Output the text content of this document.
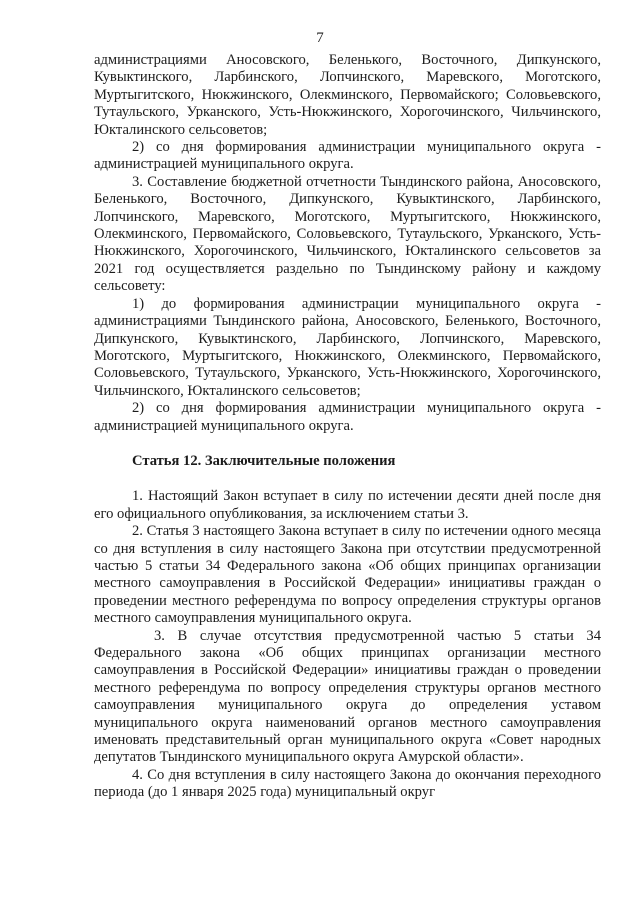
7

администрациями Аносовского, Беленького, Восточного, Дипкунского, Кувыктинского, Ларбинского, Лопчинского, Маревского, Моготского, Муртыгитского, Нюкжинского, Олекминского, Первомайского; Соловьевского, Тутаульского, Урканского, Усть-Нюкжинского, Хорогочинского, Чильчинского, Юкталинского сельсоветов;

2) со дня формирования администрации муниципального округа - администрацией муниципального округа.

3. Составление бюджетной отчетности Тындинского района, Аносовского, Беленького, Восточного, Дипкунского, Кувыктинского, Ларбинского, Лопчинского, Маревского, Моготского, Муртыгитского, Нюкжинского, Олекминского, Первомайского, Соловьевского, Тутаульского, Урканского, Усть- Нюкжинского, Хорогочинского, Чильчинского, Юкталинского сельсоветов за 2021 год осуществляется раздельно по Тындинскому району и каждому сельсовету:

1) до формирования администрации муниципального округа - администрациями Тындинского района, Аносовского, Беленького, Восточного, Дипкунского, Кувыктинского, Ларбинского, Лопчинского, Маревского, Моготского, Муртыгитского, Нюкжинского, Олекминского, Первомайского, Соловьевского, Тутаульского, Урканского, Усть-Нюкжинского, Хорогочинского, Чильчинского, Юкталинского сельсоветов;

2) со дня формирования администрации муниципального округа - администрацией муниципального округа.

Статья 12. Заключительные положения

1. Настоящий Закон вступает в силу по истечении десяти дней после дня его официального опубликования, за исключением статьи 3.

2. Статья 3 настоящего Закона вступает в силу по истечении одного месяца со дня вступления в силу настоящего Закона при отсутствии предусмотренной частью 5 статьи 34 Федерального закона «Об общих принципах организации местного самоуправления в Российской Федерации» инициативы граждан о проведении местного референдума по вопросу определения структуры органов местного самоуправления муниципального округа.

3. В случае отсутствия предусмотренной частью 5 статьи 34 Федерального закона «Об общих принципах организации местного самоуправления в Российской Федерации» инициативы граждан о проведении местного референдума по вопросу определения структуры органов местного самоуправления муниципального округа до определения уставом муниципального округа наименований органов местного самоуправления именовать представительный орган муниципального округа «Совет народных депутатов Тындинского муниципального округа Амурской области».

4. Со дня вступления в силу настоящего Закона до окончания переходного периода (до 1 января 2025 года) муниципальный округ
